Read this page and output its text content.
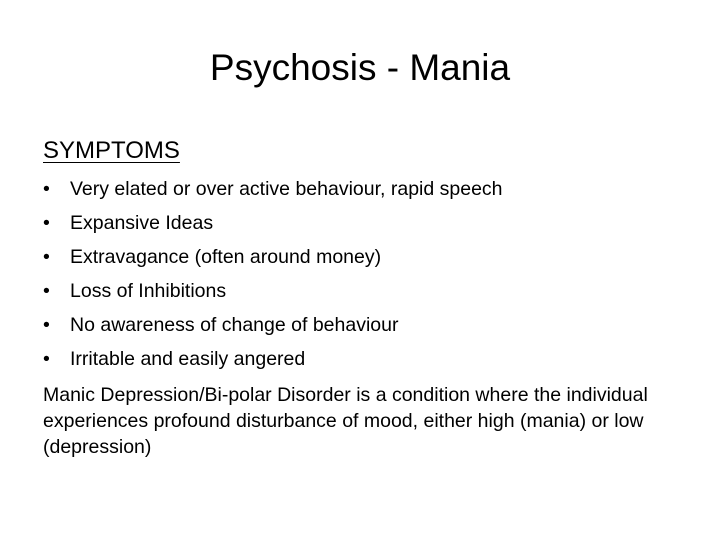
Psychosis - Mania
SYMPTOMS
•	Very elated or over active behaviour, rapid speech
•	Expansive Ideas
•	Extravagance (often around money)
•	Loss of Inhibitions
•	No awareness of change of behaviour
•	Irritable and easily angered

Manic Depression/Bi-polar Disorder is a condition where the individual experiences profound disturbance of mood, either high (mania) or low (depression)
